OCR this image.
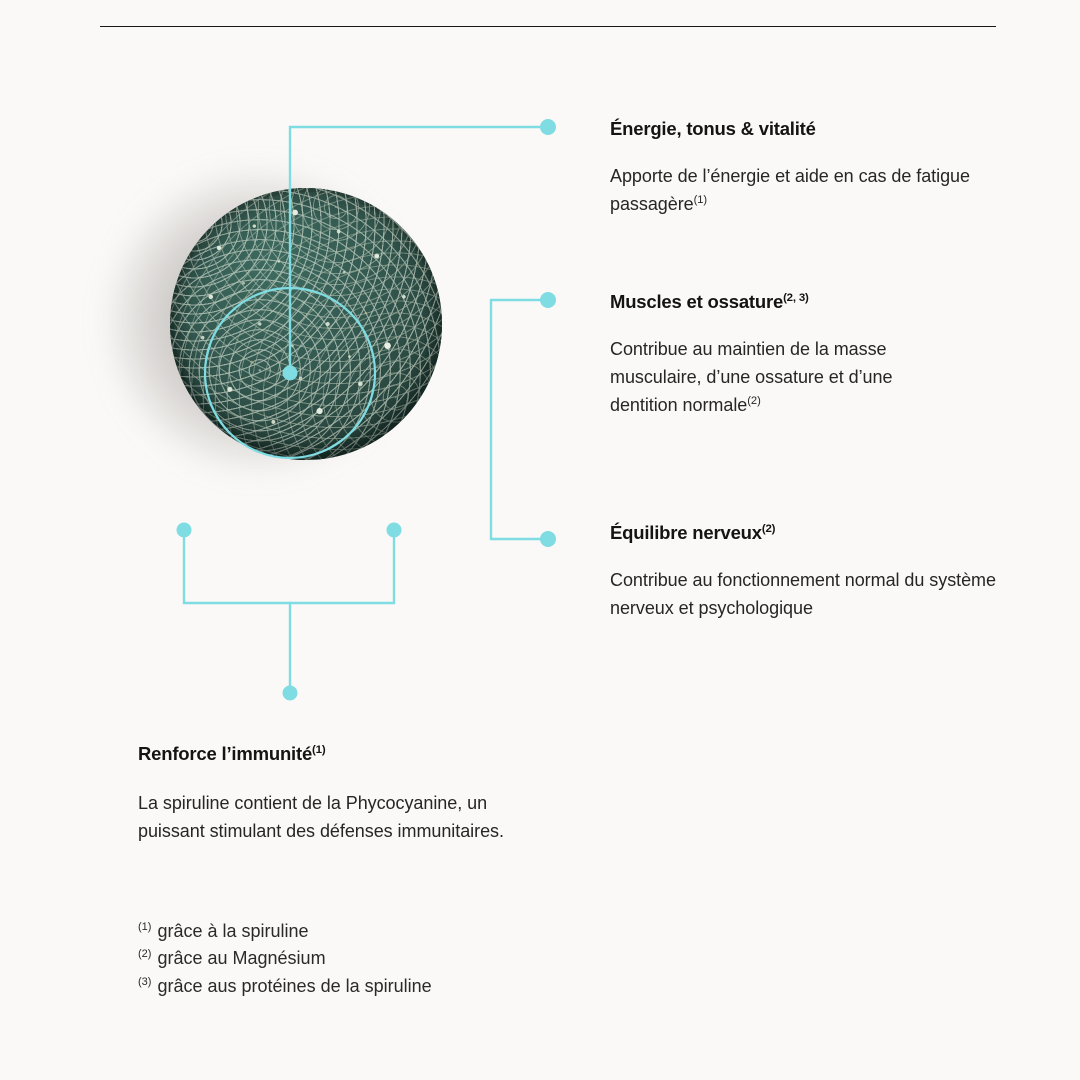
Énergie, tonus & vitalité

Apporte de l’énergie et aide en cas de fatigue passagère$^{(1)}$

Muscles et ossature$^{(2, 3)}$

Contribue au maintien de la masse musculaire, d’une ossature et d’une dentition normale$^{(2)}$

Équilibre nerveux$^{(2)}$

Contribue au fonctionnement normal du système nerveux et psychologique

Renforce l’immunité$^{(1)}$

La spiruline contient de la Phycocyanine, un puissant stimulant des défenses immunitaires.

$^{(1)}$ grâce à la spiruline
$^{(2)}$ grâce au Magnésium
$^{(3)}$ grâce aus protéines de la spiruline
